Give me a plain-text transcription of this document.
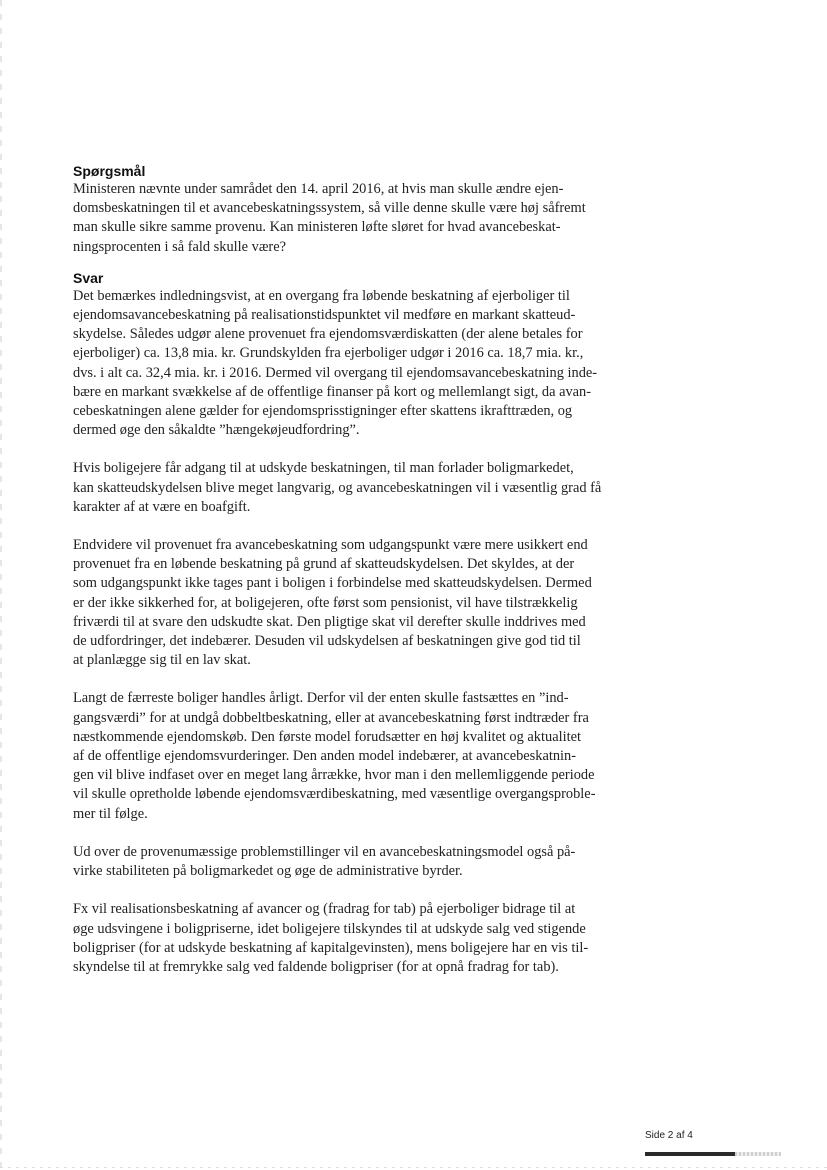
Spørgsmål

Ministeren nævnte under samrådet den 14. april 2016, at hvis man skulle ændre ejen-
domsbeskatningen til et avancebeskatningssystem, så ville denne skulle være høj såfremt
man skulle sikre samme provenu. Kan ministeren løfte sløret for hvad avancebeskat-
ningsprocenten i så fald skulle være?

Svar

Det bemærkes indledningsvist, at en overgang fra løbende beskatning af ejerboliger til
ejendomsavancebeskatning på realisationstidspunktet vil medføre en markant skatteud-
skydelse. Således udgør alene provenuet fra ejendomsværdiskatten (der alene betales for
ejerboliger) ca. 13,8 mia. kr. Grundskylden fra ejerboliger udgør i 2016 ca. 18,7 mia. kr.,
dvs. i alt ca. 32,4 mia. kr. i 2016. Dermed vil overgang til ejendomsavancebeskatning inde-
bære en markant svækkelse af de offentlige finanser på kort og mellemlangt sigt, da avan-
cebeskatningen alene gælder for ejendomsprisstigninger efter skattens ikrafttræden, og
dermed øge den såkaldte ”hængekøjeudfordring”.

Hvis boligejere får adgang til at udskyde beskatningen, til man forlader boligmarkedet,
kan skatteudskydelsen blive meget langvarig, og avancebeskatningen vil i væsentlig grad få
karakter af at være en boafgift.

Endvidere vil provenuet fra avancebeskatning som udgangspunkt være mere usikkert end
provenuet fra en løbende beskatning på grund af skatteudskydelsen. Det skyldes, at der
som udgangspunkt ikke tages pant i boligen i forbindelse med skatteudskydelsen. Dermed
er der ikke sikkerhed for, at boligejeren, ofte først som pensionist, vil have tilstrækkelig
friværdi til at svare den udskudte skat. Den pligtige skat vil derefter skulle inddrives med
de udfordringer, det indebærer. Desuden vil udskydelsen af beskatningen give god tid til
at planlægge sig til en lav skat.

Langt de færreste boliger handles årligt. Derfor vil der enten skulle fastsættes en ”ind-
gangsværdi” for at undgå dobbeltbeskatning, eller at avancebeskatning først indtræder fra
næstkommende ejendomskøb. Den første model forudsætter en høj kvalitet og aktualitet
af de offentlige ejendomsvurderinger. Den anden model indebærer, at avancebeskatnin-
gen vil blive indfaset over en meget lang årrække, hvor man i den mellemliggende periode
vil skulle opretholde løbende ejendomsværdibeskatning, med væsentlige overgangsproble-
mer til følge.

Ud over de provenumæssige problemstillinger vil en avancebeskatningsmodel også på-
virke stabiliteten på boligmarkedet og øge de administrative byrder.

Fx vil realisationsbeskatning af avancer og (fradrag for tab) på ejerboliger bidrage til at
øge udsvingene i boligpriserne, idet boligejere tilskyndes til at udskyde salg ved stigende
boligpriser (for at udskyde beskatning af kapitalgevinsten), mens boligejere har en vis til-
skyndelse til at fremrykke salg ved faldende boligpriser (for at opnå fradrag for tab).

Side 2 af 4
